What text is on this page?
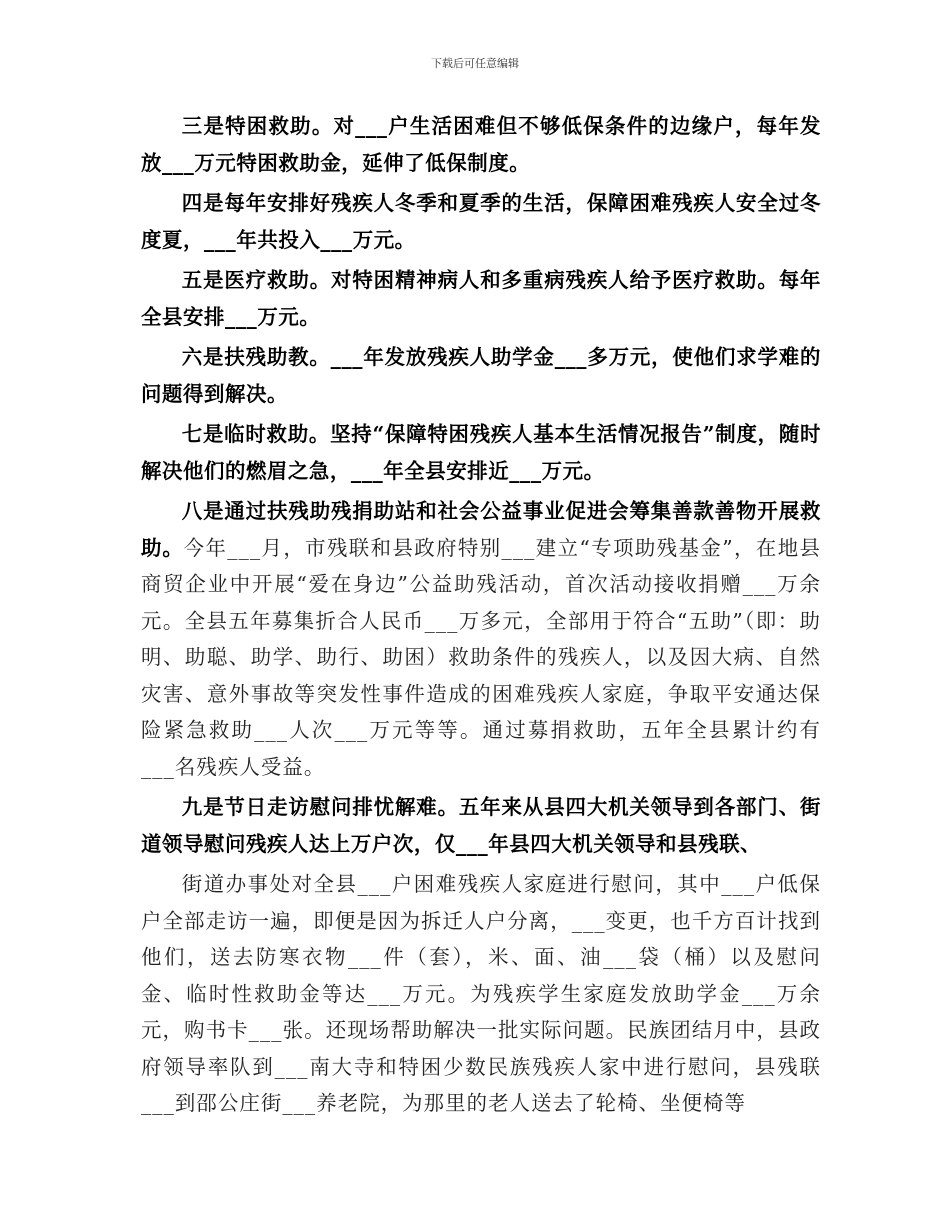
下载后可任意编辑

三是特困救助。对___户生活困难但不够低保条件的边缘户，每年发放___万元特困救助金，延伸了低保制度。

四是每年安排好残疾人冬季和夏季的生活，保障困难残疾人安全过冬度夏，___年共投入___万元。

五是医疗救助。对特困精神病人和多重病残疾人给予医疗救助。每年全县安排___万元。

六是扶残助教。___年发放残疾人助学金___多万元，使他们求学难的问题得到解决。

七是临时救助。坚持“保障特困残疾人基本生活情况报告”制度，随时解决他们的燃眉之急，___年全县安排近___万元。

八是通过扶残助残捐助站和社会公益事业促进会筹集善款善物开展救助。今年___月，市残联和县政府特别___建立“专项助残基金”，在地县商贸企业中开展“爱在身边”公益助残活动，首次活动接收捐赠___万余元。全县五年募集折合人民币___万多元，全部用于符合“五助”（即：助明、助聪、助学、助行、助困）救助条件的残疾人，以及因大病、自然灾害、意外事故等突发性事件造成的困难残疾人家庭，争取平安通达保险紧急救助___人次___万元等等。通过募捐救助，五年全县累计约有___名残疾人受益。

九是节日走访慰问排忧解难。五年来从县四大机关领导到各部门、街道领导慰问残疾人达上万户次，仅___年县四大机关领导和县残联、

街道办事处对全县___户困难残疾人家庭进行慰问，其中___户低保户全部走访一遍，即便是因为拆迁人户分离，___变更，也千方百计找到他们，送去防寒衣物___件（套），米、面、油___袋（桶）以及慰问金、临时性救助金等达___万元。为残疾学生家庭发放助学金___万余元，购书卡___张。还现场帮助解决一批实际问题。民族团结月中，县政府领导率队到___南大寺和特困少数民族残疾人家中进行慰问，县残联___到邵公庄街___养老院，为那里的老人送去了轮椅、坐便椅等
